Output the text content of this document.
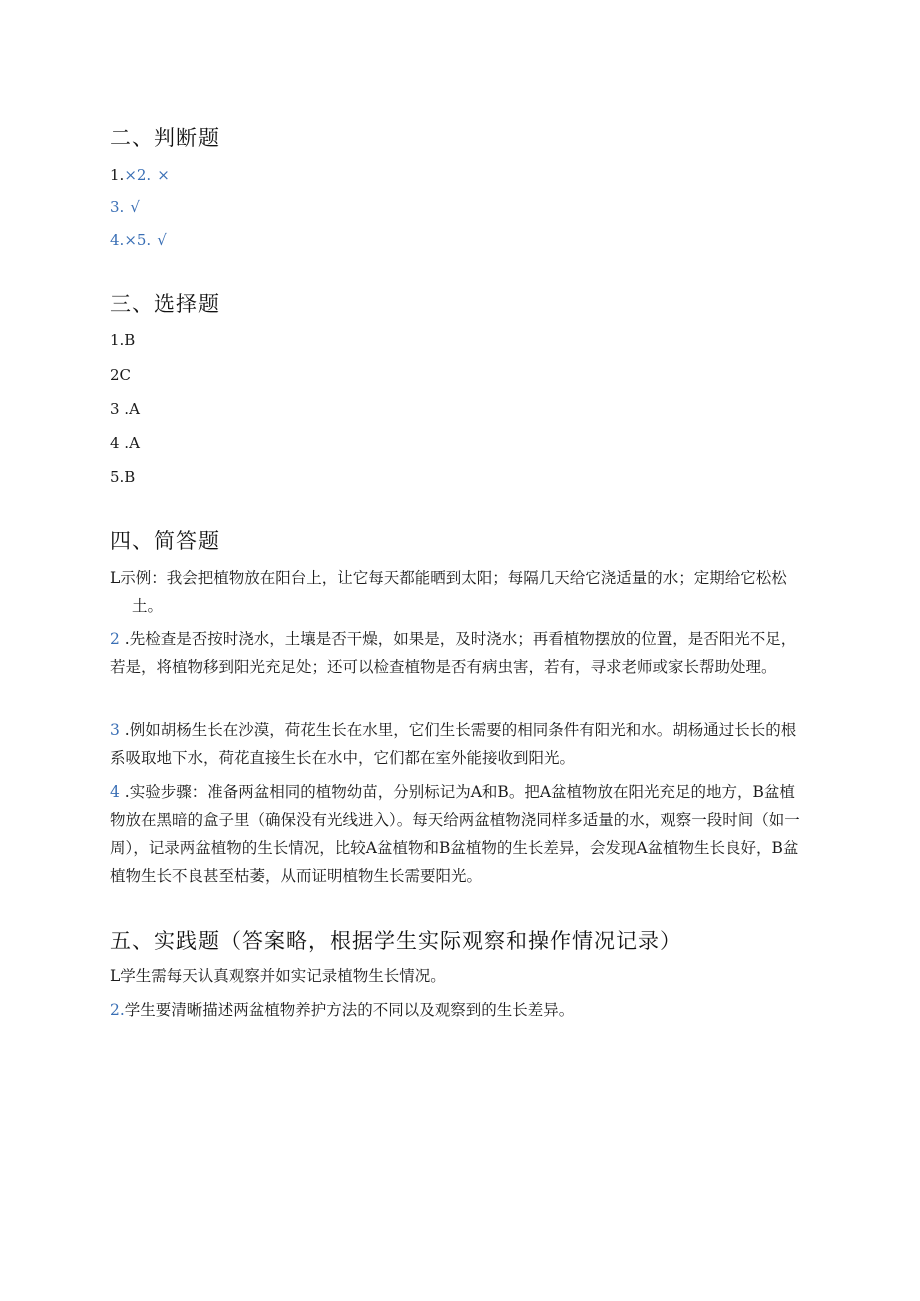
二、判断题
1.×2. ×
3. √
4.×5. √
三、选择题
1.B
2C
3 .A
4 .A
5.B
四、简答题
L示例：我会把植物放在阳台上，让它每天都能晒到太阳；每隔几天给它浇适量的水；定期给它松松土。
2 .先检查是否按时浇水，土壤是否干燥，如果是，及时浇水；再看植物摆放的位置，是否阳光不足，若是，将植物移到阳光充足处；还可以检查植物是否有病虫害，若有，寻求老师或家长帮助处理。
3 .例如胡杨生长在沙漠，荷花生长在水里，它们生长需要的相同条件有阳光和水。胡杨通过长长的根系吸取地下水，荷花直接生长在水中，它们都在室外能接收到阳光。
4 .实验步骤：准备两盆相同的植物幼苗，分别标记为A和B。把A盆植物放在阳光充足的地方，B盆植物放在黑暗的盒子里（确保没有光线进入）。每天给两盆植物浇同样多适量的水，观察一段时间（如一周），记录两盆植物的生长情况，比较A盆植物和B盆植物的生长差异，会发现A盆植物生长良好，B盆植物生长不良甚至枯萎，从而证明植物生长需要阳光。
五、实践题（答案略，根据学生实际观察和操作情况记录）
L学生需每天认真观察并如实记录植物生长情况。
2.学生要清晰描述两盆植物养护方法的不同以及观察到的生长差异。
